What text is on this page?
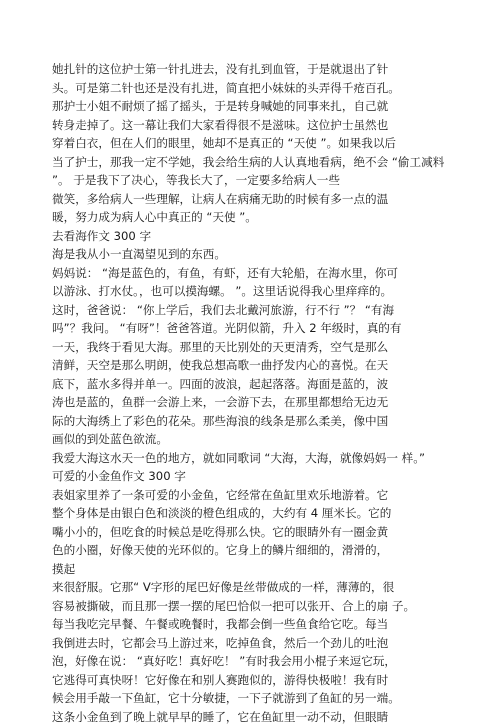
她扎针的这位护士第一针扎进去，没有扎到血管，于是就退出了针
头。可是第二针也还是没有扎进，简直把小妹妹的头弄得千疮百孔。
那护士小姐不耐烦了摇了摇头，于是转身喊她的同事来扎，自己就
转身走掉了。这一幕让我们大家看得很不是滋味。这位护士虽然也
穿着白衣，但在人们的眼里，她却不是真正的 “天使 ”。如果我以后
当了护士，那我一定不学她，我会给生病的人认真地看病，绝不会 “偷工减料
”。 于是我下了决心，等我长大了，一定要多给病人一些
微笑，多给病人一些理解，让病人在病痛无助的时候有多一点的温
暖，努力成为病人心中真正的 “天使 ”。
去看海作文 300 字
海是我从小一直渴望见到的东西。
妈妈说： “海是蓝色的，有鱼，有虾，还有大轮船，在海水里，你可
以游泳、打水仗。，也可以摸海螺。 ”。这里话说得我心里痒痒的。
这时，爸爸说： “你上学后，我们去北戴河旅游，行不行 ”？ “有海
吗”？我问。 “有呀”！爸爸答道。光阴似箭，升入 2 年级时，真的有
一天，我终于看见大海。那里的天比别处的天更清秀，空气是那么
清鲜，天空是那么明朗，使我总想高歌一曲抒发内心的喜悦。在天
底下，蓝水多得并单一。四面的波浪，起起落落。海面是蓝的，波
涛也是蓝的，鱼群一会游上来，一会游下去，在那里都想给无边无
际的大海绣上了彩色的花朵。那些海浪的线条是那么柔美，像中国
画似的到处蓝色欲流。
我爱大海这水天一色的地方，就如同歌词 “大海，大海，就像妈妈一 样。”
可爱的小金鱼作文 300 字
表姐家里养了一条可爱的小金鱼，它经常在鱼缸里欢乐地游着。它
整个身体是由银白色和淡淡的橙色组成的，大约有 4 厘米长。它的
嘴小小的，但吃食的时候总是吃得那么快。它的眼睛外有一圈金黄
色的小圈，好像天使的光环似的。它身上的鳞片细细的，滑滑的，
摸起
来很舒服。它那“ V字形的尾巴好像是丝带做成的一样，薄薄的，很
容易被撕破，而且那一摆一摆的尾巴恰似一把可以张开、合上的扇 子。
每当我吃完早餐、午餐或晚餐时，我都会倒一些鱼食给它吃。每当
我倒进去时，它都会马上游过来，吃掉鱼食，然后一个劲儿的吐泡
泡，好像在说： “真好吃！真好吃！ ”有时我会用小棍子来逗它玩，
它逃得可真快呀！它好像在和别人赛跑似的，游得快极啦！我有时
候会用手敲一下鱼缸，它十分敏捷，一下子就游到了鱼缸的另一端。
这条小金鱼到了晚上就早早的睡了，它在鱼缸里一动不动，但眼睛
